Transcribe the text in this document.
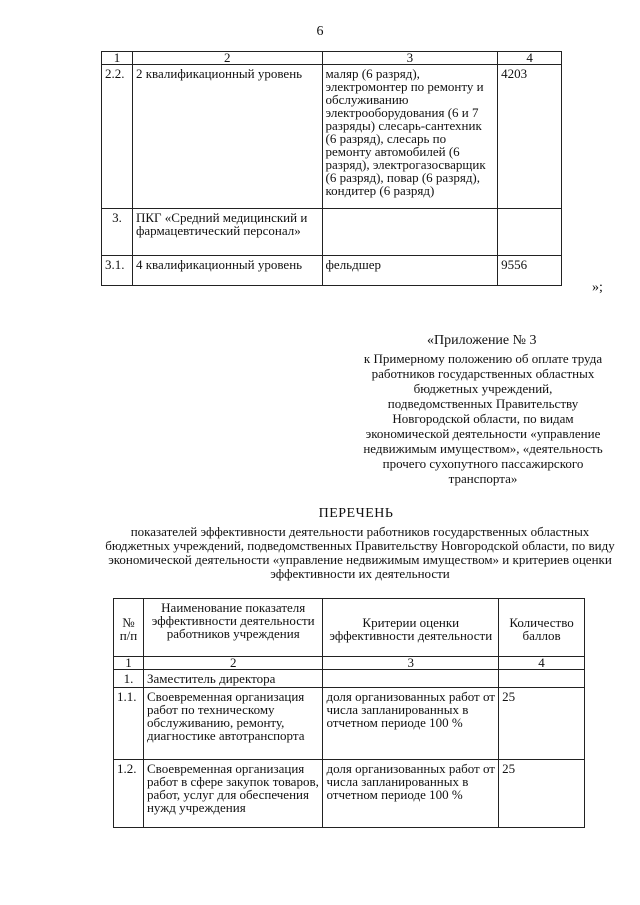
6
1	2	3	4
2.2.	2 квалификационный уровень	маляр (6 разряд), электромонтер по ремонту и обслуживанию электрооборудования (6 и 7 разряды) слесарь-сантехник (6 разряд), слесарь по ремонту автомобилей (6 разряд), электрогазосварщик (6 разряд), повар (6 разряд), кондитер (6 разряд)	4203
3.	ПКГ «Средний медицинский и фармацевтический персонал»		
3.1.	4 квалификационный уровень	фельдшер	9556
»;
«Приложение № 3
к Примерному положению об оплате труда работников государственных областных бюджетных учреждений, подведомственных Правительству Новгородской области, по видам экономической деятельности «управление недвижимым имуществом», «деятельность прочего сухопутного пассажирского транспорта»
ПЕРЕЧЕНЬ
показателей эффективности деятельности работников государственных областных бюджетных учреждений, подведомственных Правительству Новгородской области, по виду экономической деятельности «управление недвижимым имуществом» и критериев оценки эффективности их деятельности
№ п/п	Наименование показателя эффективности деятельности работников учреждения	Критерии оценки эффективности деятельности	Количество баллов
1	2	3	4
1.	Заместитель директора		
1.1.	Своевременная организация работ по техническому обслуживанию, ремонту, диагностике автотранспорта	доля организованных работ от числа запланированных в отчетном периоде 100 %	25
1.2.	Своевременная организация работ в сфере закупок товаров, работ, услуг для обеспечения нужд учреждения	доля организованных работ от числа запланированных в отчетном периоде 100 %	25
